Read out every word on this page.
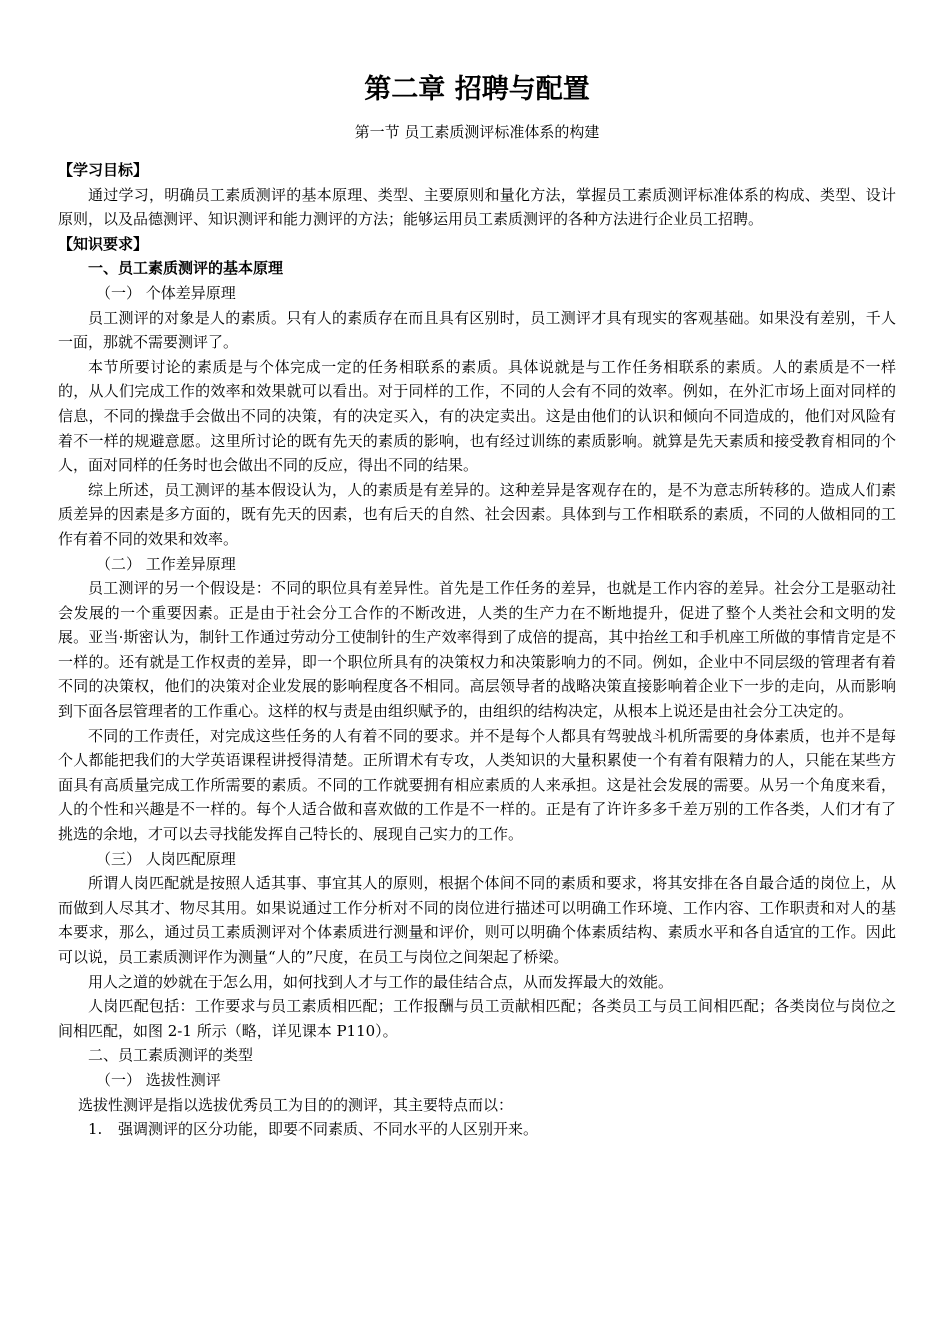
第二章 招聘与配置
第一节 员工素质测评标准体系的构建
【学习目标】

通过学习，明确员工素质测评的基本原理、类型、主要原则和量化方法，掌握员工素质测评标准体系的构成、类型、设计原则，以及品德测评、知识测评和能力测评的方法；能够运用员工素质测评的各种方法进行企业员工招聘。

【知识要求】
一、员工素质测评的基本原理
（一） 个体差异原理

员工测评的对象是人的素质。只有人的素质存在而且具有区别时，员工测评才具有现实的客观基础。如果没有差别，千人一面，那就不需要测评了。

本节所要讨论的素质是与个体完成一定的任务相联系的素质。具体说就是与工作任务相联系的素质。人的素质是不一样的，从人们完成工作的效率和效果就可以看出。对于同样的工作，不同的人会有不同的效率。例如，在外汇市场上面对同样的信息，不同的操盘手会做出不同的决策，有的决定买入，有的决定卖出。这是由他们的认识和倾向不同造成的，他们对风险有着不一样的规避意愿。这里所讨论的既有先天的素质的影响，也有经过训练的素质影响。就算是先天素质和接受教育相同的个人，面对同样的任务时也会做出不同的反应，得出不同的结果。

综上所述，员工测评的基本假设认为，人的素质是有差异的。这种差异是客观存在的，是不为意志所转移的。造成人们素质差异的因素是多方面的，既有先天的因素，也有后天的自然、社会因素。具体到与工作相联系的素质，不同的人做相同的工作有着不同的效果和效率。

（二） 工作差异原理

员工测评的另一个假设是：不同的职位具有差异性。首先是工作任务的差异，也就是工作内容的差异。社会分工是驱动社会发展的一个重要因素。正是由于社会分工合作的不断改进，人类的生产力在不断地提升，促进了整个人类社会和文明的发展。亚当·斯密认为，制针工作通过劳动分工使制针的生产效率得到了成倍的提高，其中抬丝工和手机座工所做的事情肯定是不一样的。还有就是工作权责的差异，即一个职位所具有的决策权力和决策影响力的不同。例如，企业中不同层级的管理者有着不同的决策权，他们的决策对企业发展的影响程度各不相同。高层领导者的战略决策直接影响着企业下一步的走向，从而影响到下面各层管理者的工作重心。这样的权与责是由组织赋予的，由组织的结构决定，从根本上说还是由社会分工决定的。

不同的工作责任，对完成这些任务的人有着不同的要求。并不是每个人都具有驾驶战斗机所需要的身体素质，也并不是每个人都能把我们的大学英语课程讲授得清楚。正所谓术有专攻，人类知识的大量积累使一个有着有限精力的人，只能在某些方面具有高质量完成工作所需要的素质。不同的工作就要拥有相应素质的人来承担。这是社会发展的需要。从另一个角度来看，人的个性和兴趣是不一样的。每个人适合做和喜欢做的工作是不一样的。正是有了许许多多千差万别的工作各类，人们才有了挑选的余地，才可以去寻找能发挥自己特长的、展现自己实力的工作。

（三） 人岗匹配原理

所谓人岗匹配就是按照人适其事、事宜其人的原则，根据个体间不同的素质和要求，将其安排在各自最合适的岗位上，从而做到人尽其才、物尽其用。如果说通过工作分析对不同的岗位进行描述可以明确工作环境、工作内容、工作职责和对人的基本要求，那么，通过员工素质测评对个体素质进行测量和评价，则可以明确个体素质结构、素质水平和各自适宜的工作。因此可以说，员工素质测评作为测量“人的”尺度，在员工与岗位之间架起了桥梁。

用人之道的妙就在于怎么用，如何找到人才与工作的最佳结合点，从而发挥最大的效能。

人岗匹配包括：工作要求与员工素质相匹配；工作报酬与员工贡献相匹配；各类员工与员工间相匹配；各类岗位与岗位之间相匹配，如图 2-1 所示（略，详见课本 P110）。

二、员工素质测评的类型
（一） 选拔性测评

选拔性测评是指以选拔优秀员工为目的的测评，其主要特点而以：

1. 强调测评的区分功能，即要不同素质、不同水平的人区别开来。
